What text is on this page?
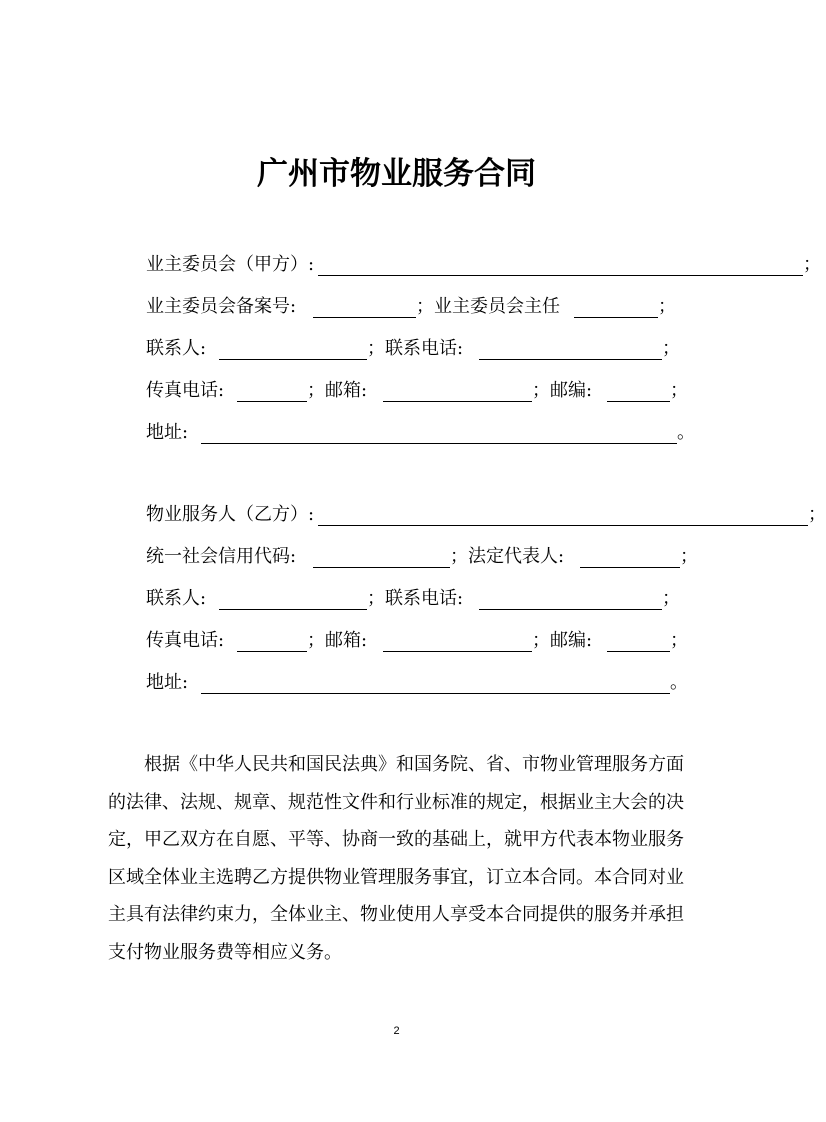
广州市物业服务合同
业主委员会（甲方）:	；
业主委员会备案号:	；业主委员会主任	；
联系人:	；联系电话:	；
传真电话:	；邮箱:	；邮编:	；
地址:	。
物业服务人（乙方）:	；
统一社会信用代码:	；法定代表人:	；
联系人:	；联系电话:	；
传真电话:	；邮箱:	；邮编:	；
地址:	。
　　根据《中华人民共和国民法典》和国务院、省、市物业管理服务方面
的法律、法规、规章、规范性文件和行业标准的规定，根据业主大会的决
定，甲乙双方在自愿、平等、协商一致的基础上，就甲方代表本物业服务
区域全体业主选聘乙方提供物业管理服务事宜，订立本合同。本合同对业
主具有法律约束力，全体业主、物业使用人享受本合同提供的服务并承担
支付物业服务费等相应义务。
2
